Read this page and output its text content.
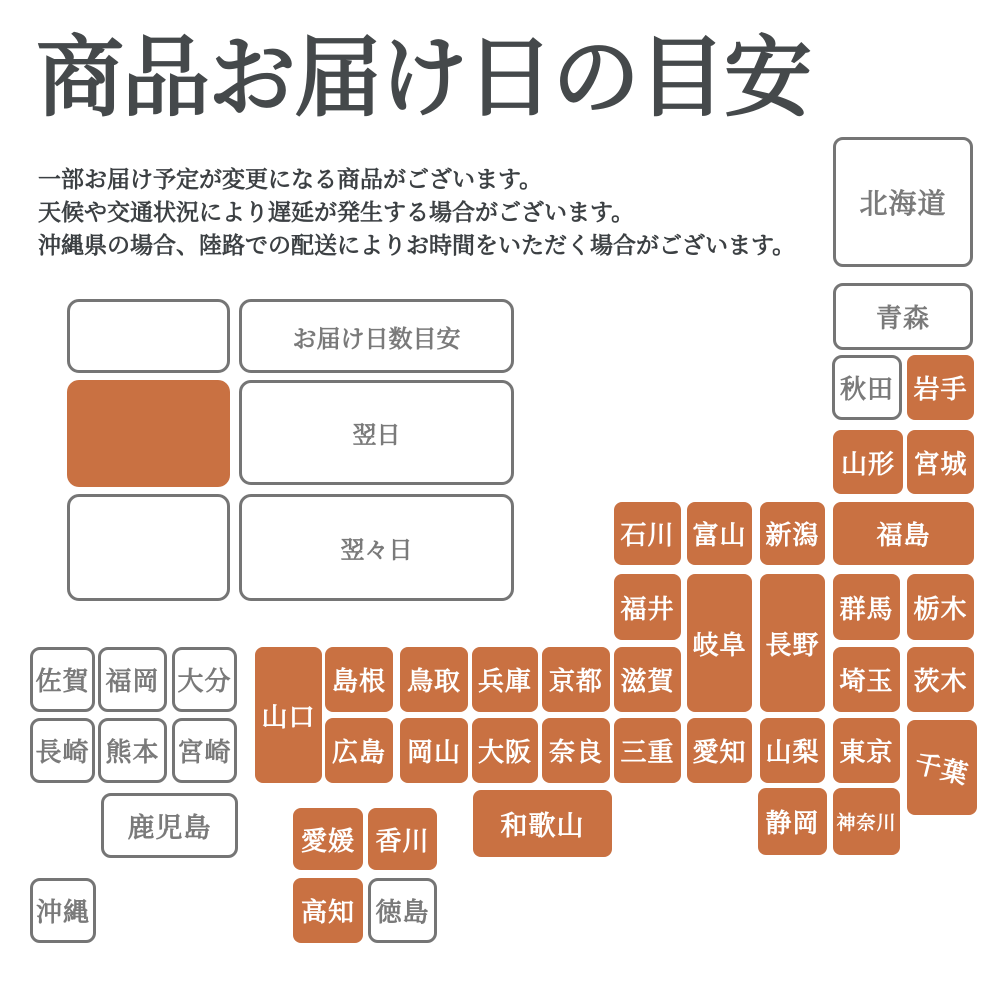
商品お届け日の目安

一部お届け予定が変更になる商品がございます。

天候や交通状況により遅延が発生する場合がございます。

沖縄県の場合、陸路での配送によりお時間をいただく場合がございます。

お届け日数目安
翌日
翌々日
北海道
青森
秋田 岩手
山形 宮城
石川 富山 新潟 福島
福井
岐阜 長野
群馬 栃木
滋賀	埼玉 茨木
佐賀 福岡 大分
山口
島根 鳥取 兵庫 京都
長崎 熊本 宮崎	広島 岡山 大阪 奈良 三重 愛知 山梨 東京 千葉
鹿児島	和歌山	静岡 神奈川
愛媛 香川
高知 徳島
沖縄
